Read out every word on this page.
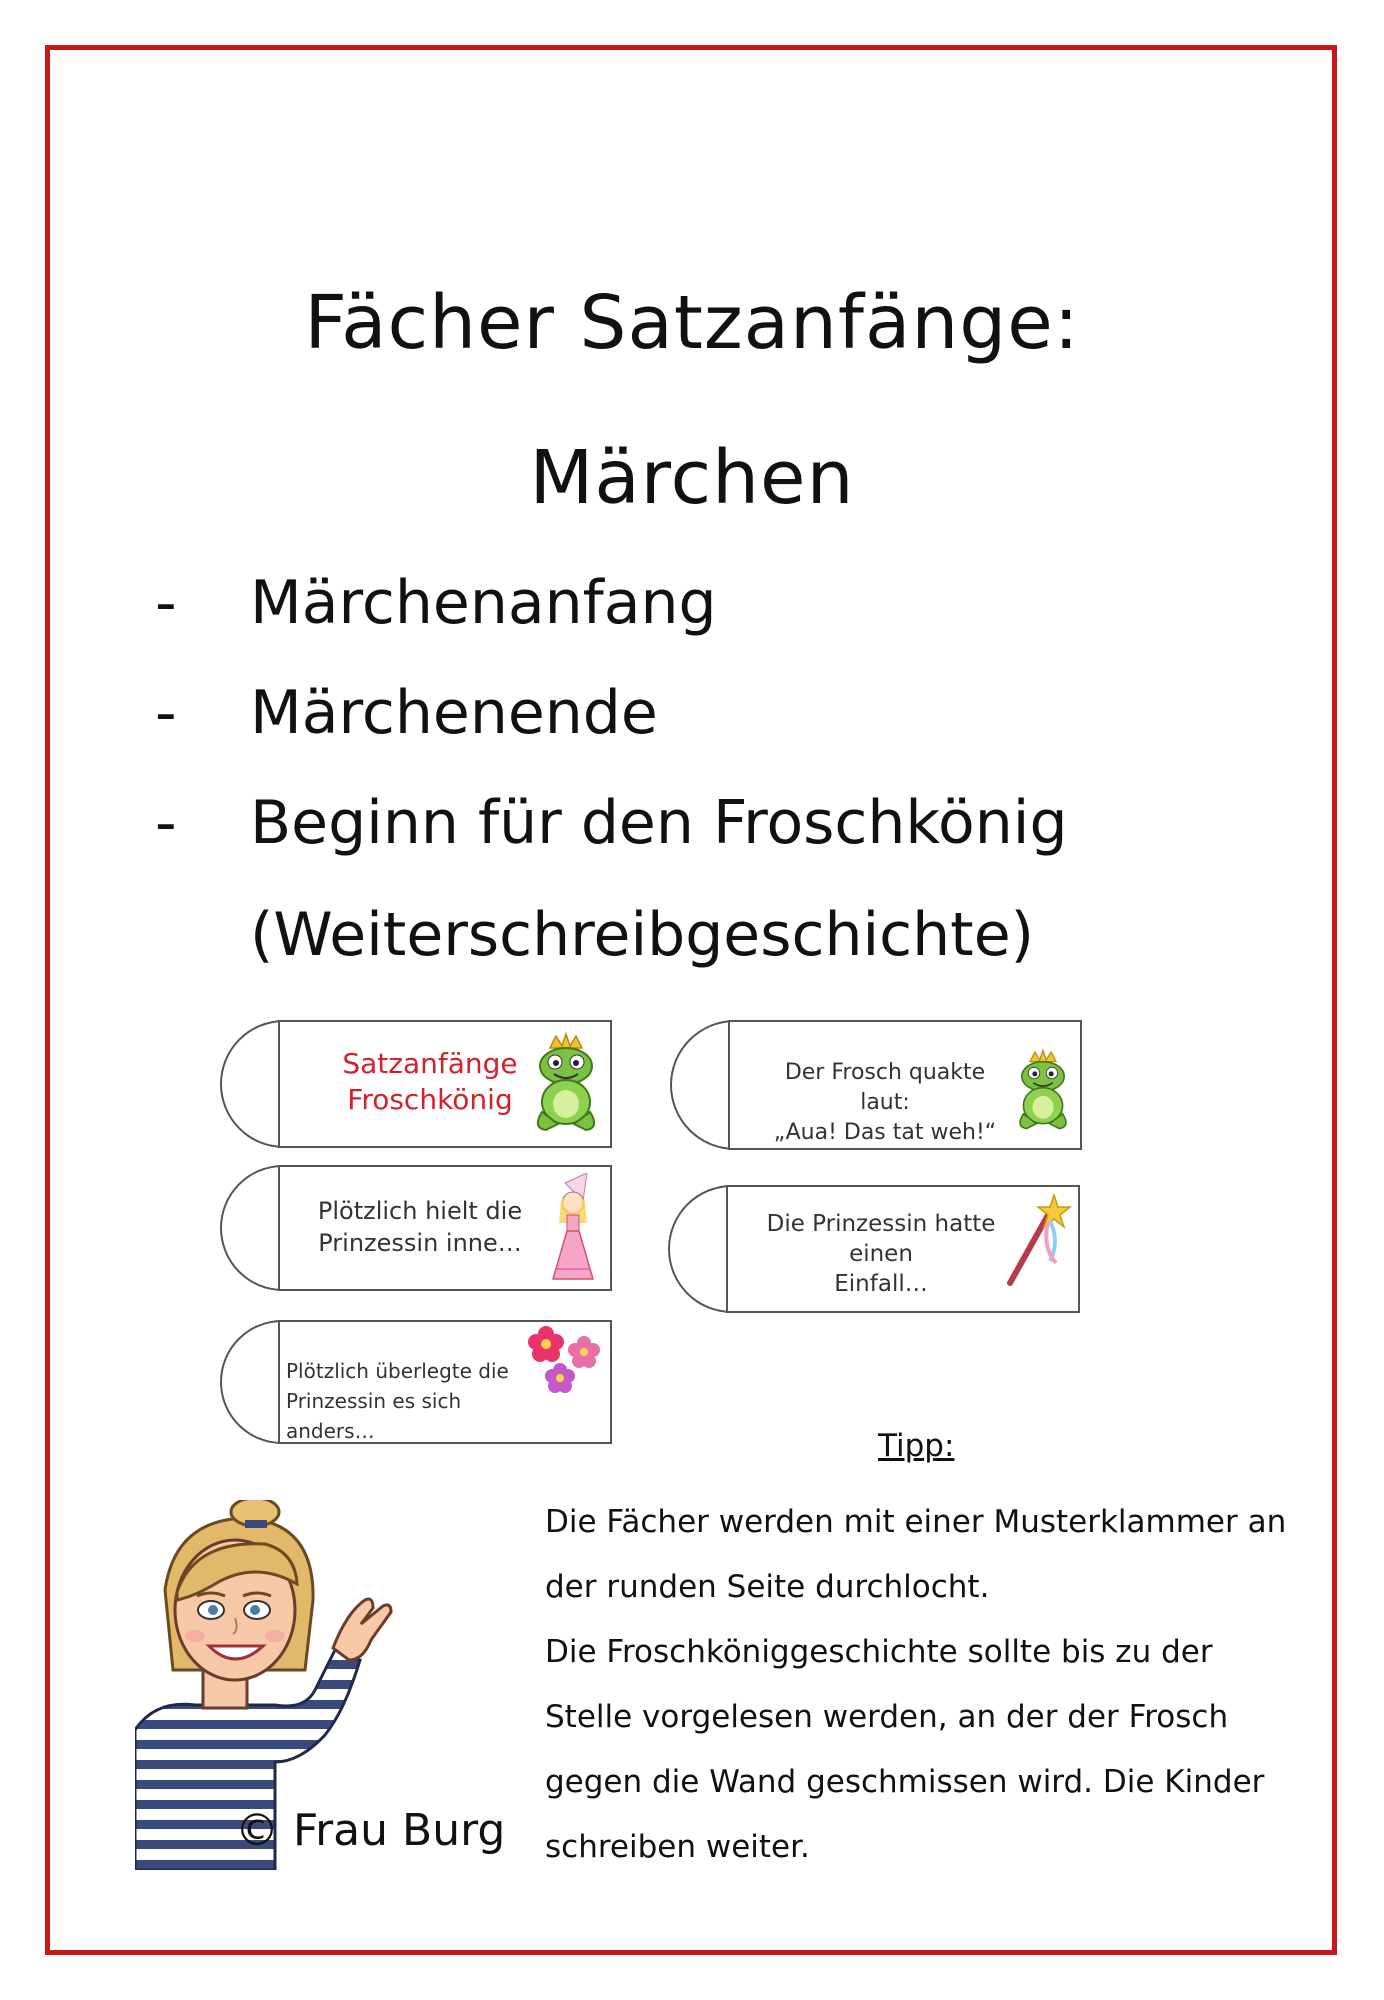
Fächer Satzanfänge:
Märchen
- Märchenanfang
- Märchenende
- Beginn für den Froschkönig
(Weiterschreibgeschichte)
Satzanfänge
Froschkönig
Plötzlich hielt die
Prinzessin inne…
Plötzlich überlegte die
Prinzessin es sich anders…
Der Frosch quakte laut:
„Aua! Das tat weh!“
Die Prinzessin hatte einen
Einfall…
© Frau Burg
Tipp:
Die Fächer werden mit einer Musterklammer an
der runden Seite durchlocht.
Die Froschköniggeschichte sollte bis zu der
Stelle vorgelesen werden, an der der Frosch
gegen die Wand geschmissen wird. Die Kinder
schreiben weiter.
